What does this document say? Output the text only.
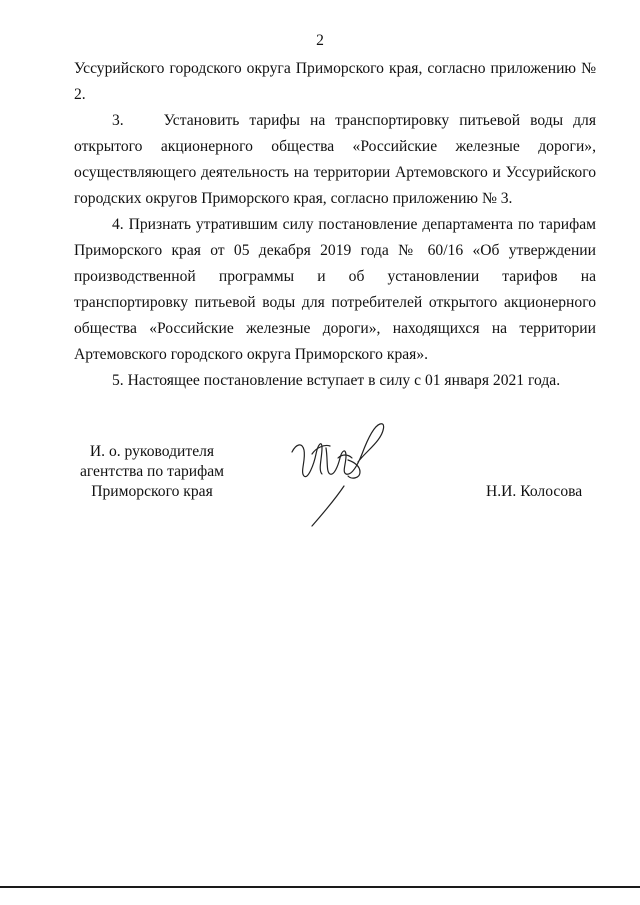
2

Уссурийского городского округа Приморского края, согласно приложению № 2.

3.    Установить тарифы на транспортировку питьевой воды для открытого акционерного общества «Российские железные дороги», осуществляющего деятельность на территории Артемовского и Уссурийского городских округов Приморского края, согласно приложению № 3.

4. Признать утратившим силу постановление департамента по тарифам Приморского края от 05 декабря 2019 года № 60/16 «Об утверждении производственной программы и об установлении тарифов на транспортировку питьевой воды для потребителей открытого акционерного общества «Российские железные дороги», находящихся на территории Артемовского городского округа Приморского края».

5. Настоящее постановление вступает в силу с 01 января 2021 года.

И. о. руководителя
агентства по тарифам
Приморского края	Н.И. Колосова
